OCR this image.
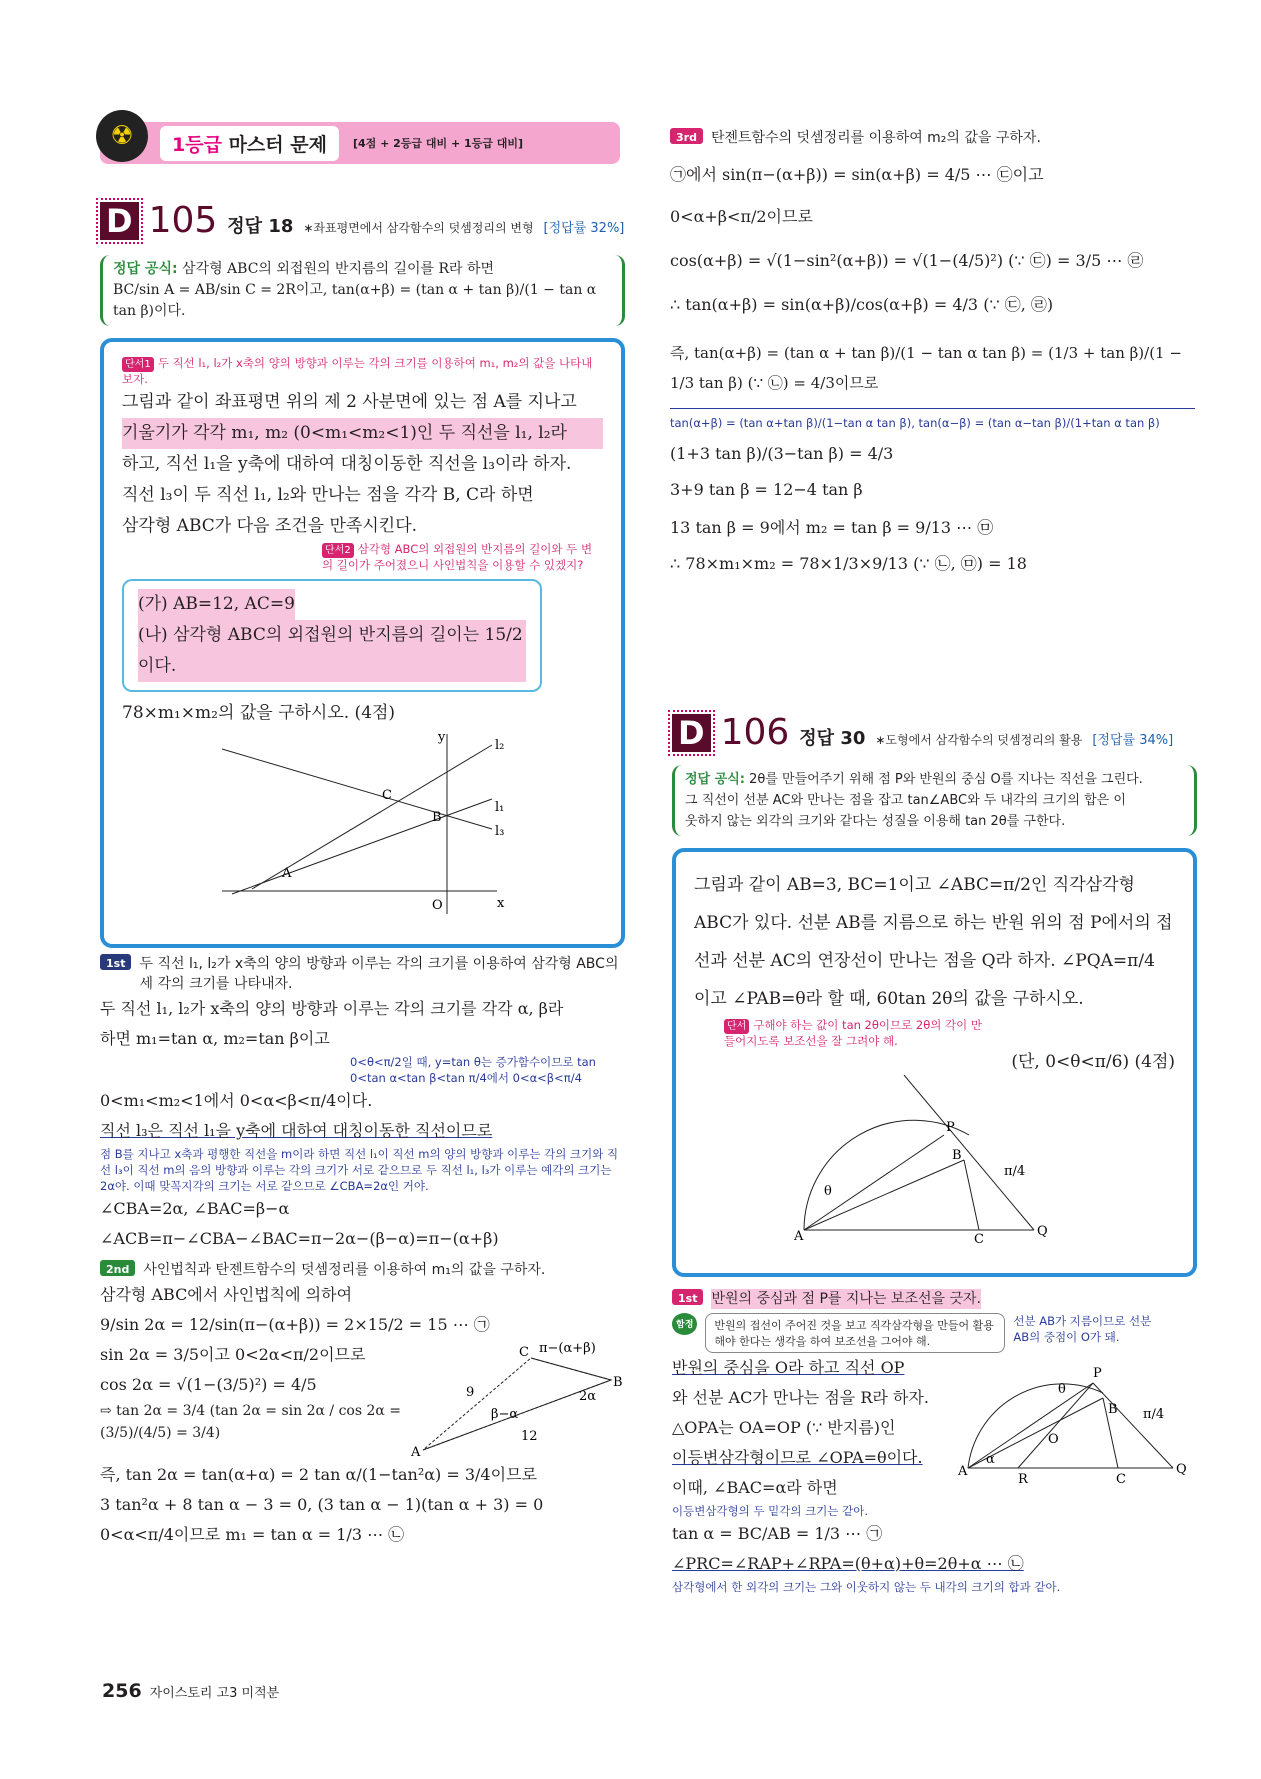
☢	1등급 마스터 문제	[4점 + 2등급 대비 + 1등급 대비]
D 105 정답 18 ∗좌표평면에서 삼각함수의 덧셈정리의 변형 [정답률 32%]
정답 공식: 삼각형 ABC의 외접원의 반지름의 길이를 R라 하면
BC/sin A = AB/sin C = 2R이고, tan(α+β) = (tan α + tan β)/(1 − tan α tan β)이다.
단서1 두 직선 l₁, l₂가 x축의 양의 방향과 이루는 각의 크기를 이용하여 m₁, m₂의 값을 나타내보자.
그림과 같이 좌표평면 위의 제 2 사분면에 있는 점 A를 지나고
기울기가 각각 m₁, m₂ (0<m₁<m₂<1)인 두 직선을 l₁, l₂라
하고, 직선 l₁을 y축에 대하여 대칭이동한 직선을 l₃이라 하자.
직선 l₃이 두 직선 l₁, l₂와 만나는 점을 각각 B, C라 하면
삼각형 ABC가 다음 조건을 만족시킨다.
단서2 삼각형 ABC의 외접원의 반지름의 길이와 두 변의 길이가 주어졌으니 사인법칙을 이용할 수 있겠지?
(가) AB=12, AC=9
(나) 삼각형 ABC의 외접원의 반지름의 길이는 15/2이다.
78×m₁×m₂의 값을 구하시오. (4점)
y
x
O
A
B
C
l₂
l₁
l₃
1st	두 직선 l₁, l₂가 x축의 양의 방향과 이루는 각의 크기를 이용하여 삼각형 ABC의 세 각의 크기를 나타내자.
두 직선 l₁, l₂가 x축의 양의 방향과 이루는 각의 크기를 각각 α, β라
하면 m₁=tan α, m₂=tan β이고
0<θ<π/2일 때, y=tan θ는 증가함수이므로 tan 0<tan α<tan β<tan π/4에서 0<α<β<π/4
0<m₁<m₂<1에서 0<α<β<π/4이다.
직선 l₃은 직선 l₁을 y축에 대하여 대칭이동한 직선이므로
점 B를 지나고 x축과 평행한 직선을 m이라 하면 직선 l₁이 직선 m의 양의 방향과 이루는 각의 크기와 직선 l₃이 직선 m의 음의 방향과 이루는 각의 크기가 서로 같으므로 두 직선 l₁, l₃가 이루는 예각의 크기는 2α야. 이때 맞꼭지각의 크기는 서로 같으므로 ∠CBA=2α인 거야.
∠CBA=2α, ∠BAC=β−α
∠ACB=π−∠CBA−∠BAC=π−2α−(β−α)=π−(α+β)
2nd	사인법칙과 탄젠트함수의 덧셈정리를 이용하여 m₁의 값을 구하자.
삼각형 ABC에서 사인법칙에 의하여
9/sin 2α = 12/sin(π−(α+β)) = 2×15/2 = 15 ⋯ ㉠
sin 2α = 3/5이고 0<2α<π/2이므로
cos 2α = √(1−(3/5)²) = 4/5
⇨ tan 2α = 3/4 (tan 2α = sin 2α / cos 2α = (3/5)/(4/5) = 3/4)
A
B
C
9
12
π−(α+β)
2α
β−α
즉, tan 2α = tan(α+α) = 2 tan α/(1−tan²α) = 3/4이므로
3 tan²α + 8 tan α − 3 = 0, (3 tan α − 1)(tan α + 3) = 0
0<α<π/4이므로 m₁ = tan α = 1/3 ⋯ ㉡
3rd	탄젠트함수의 덧셈정리를 이용하여 m₂의 값을 구하자.
㉠에서 sin(π−(α+β)) = sin(α+β) = 4/5 ⋯ ㉢이고
0<α+β<π/2이므로
cos(α+β) = √(1−sin²(α+β)) = √(1−(4/5)²) (∵ ㉢) = 3/5 ⋯ ㉣
∴ tan(α+β) = sin(α+β)/cos(α+β) = 4/3 (∵ ㉢, ㉣)
즉, tan(α+β) = (tan α + tan β)/(1 − tan α tan β) = (1/3 + tan β)/(1 − 1/3 tan β) (∵ ㉡) = 4/3이므로
tan(α+β) = (tan α+tan β)/(1−tan α tan β), tan(α−β) = (tan α−tan β)/(1+tan α tan β)
(1+3 tan β)/(3−tan β) = 4/3
3+9 tan β = 12−4 tan β
13 tan β = 9에서 m₂ = tan β = 9/13 ⋯ ㉤
∴ 78×m₁×m₂ = 78×1/3×9/13 (∵ ㉡, ㉤) = 18
D 106 정답 30 ∗도형에서 삼각함수의 덧셈정리의 활용 [정답률 34%]
정답 공식: 2θ를 만들어주기 위해 점 P와 반원의 중심 O를 지나는 직선을 그린다.
그 직선이 선분 AC와 만나는 점을 잡고 tan∠ABC와 두 내각의 크기의 합은 이
웃하지 않는 외각의 크기와 같다는 성질을 이용해 tan 2θ를 구한다.
그림과 같이 AB=3, BC=1이고 ∠ABC=π/2인 직각삼각형
ABC가 있다. 선분 AB를 지름으로 하는 반원 위의 점 P에서의 접
선과 선분 AC의 연장선이 만나는 점을 Q라 하자. ∠PQA=π/4
이고 ∠PAB=θ라 할 때, 60tan 2θ의 값을 구하시오.
단서 구해야 하는 값이 tan 2θ이므로 2θ의 각이 만들어지도록 보조선을 잘 그려야 해.
(단, 0<θ<π/6) (4점)
A
P
B
C
Q
θ
π/4
1st	반원의 중심과 점 P를 지나는 보조선을 긋자.
함정	반원의 접선이 주어진 것을 보고 직각삼각형을 만들어 활용해야 한다는 생각을 하여 보조선을 그어야 해.
선분 AB가 지름이므로 선분 AB의 중점이 O가 돼.
반원의 중심을 O라 하고 직선 OP
와 선분 AC가 만나는 점을 R라 하자.
△OPA는 OA=OP (∵ 반지름)인
이등변삼각형이므로 ∠OPA=θ이다.
이때, ∠BAC=α라 하면
이등변삼각형의 두 밑각의 크기는 같아.
tan α = BC/AB = 1/3 ⋯ ㉠
A
P
B
O
R	C
Q
θ
α
π/4
∠PRC=∠RAP+∠RPA=(θ+α)+θ=2θ+α ⋯ ㉡
삼각형에서 한 외각의 크기는 그와 이웃하지 않는 두 내각의 크기의 합과 같아.
256 자이스토리 고3 미적분
